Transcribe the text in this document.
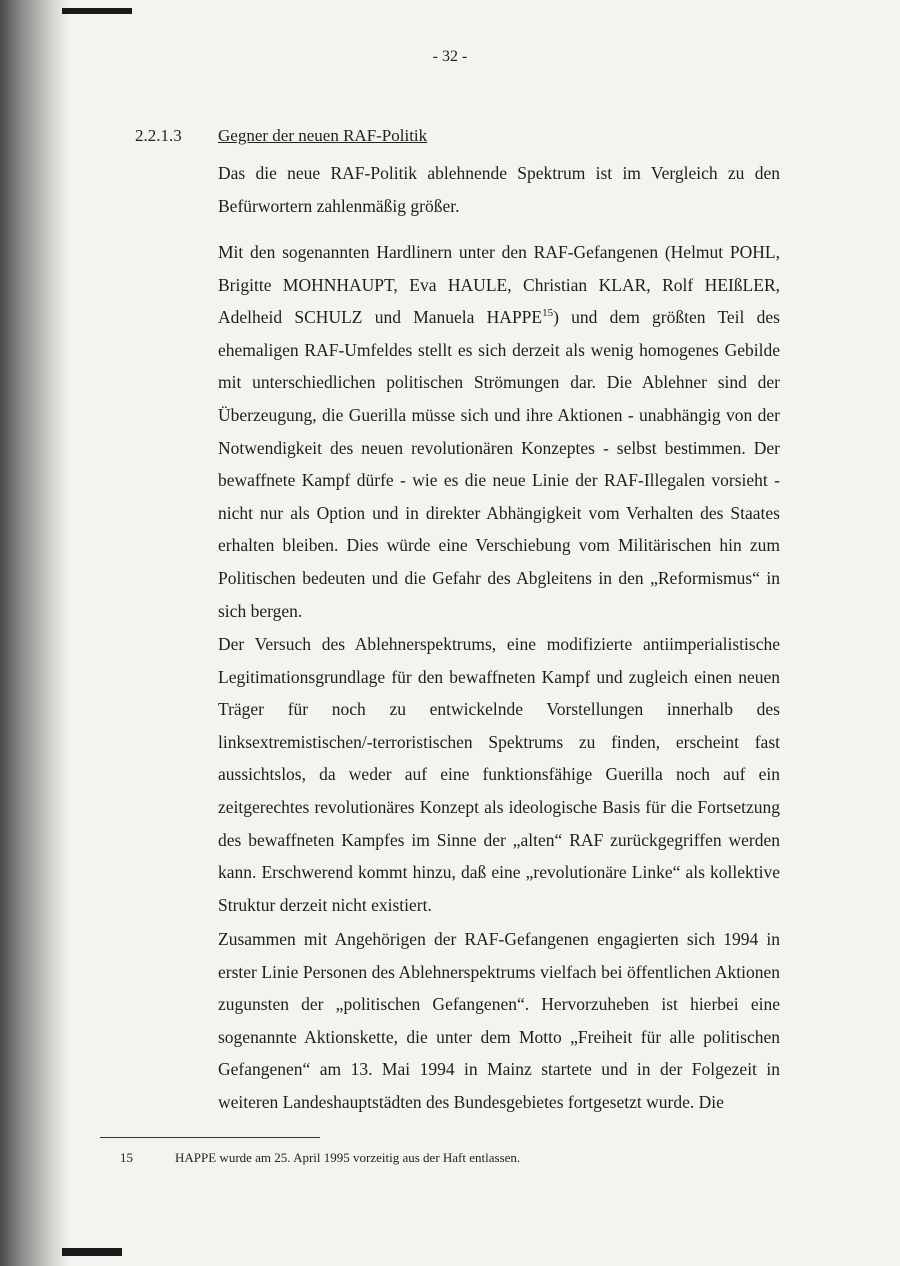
- 32 -
2.2.1.3 Gegner der neuen RAF-Politik
Das die neue RAF-Politik ablehnende Spektrum ist im Vergleich zu den Befürwortern zahlenmäßig größer.
Mit den sogenannten Hardlinern unter den RAF-Gefangenen (Helmut POHL, Brigitte MOHNHAUPT, Eva HAULE, Christian KLAR, Rolf HEIßLER, Adelheid SCHULZ und Manuela HAPPE$^{15}$) und dem größten Teil des ehemaligen RAF-Umfeldes stellt es sich derzeit als wenig homogenes Gebilde mit unterschiedlichen politischen Strömungen dar. Die Ablehner sind der Überzeugung, die Guerilla müsse sich und ihre Aktionen - unabhängig von der Notwendigkeit des neuen revolutionären Konzeptes - selbst bestimmen. Der bewaffnete Kampf dürfe - wie es die neue Linie der RAF-Illegalen vorsieht - nicht nur als Option und in direkter Abhängigkeit vom Verhalten des Staates erhalten bleiben. Dies würde eine Verschiebung vom Militärischen hin zum Politischen bedeuten und die Gefahr des Abgleitens in den „Reformismus“ in sich bergen.
Der Versuch des Ablehnerspektrums, eine modifizierte antiimperialistische Legitimationsgrundlage für den bewaffneten Kampf und zugleich einen neuen Träger für noch zu entwickelnde Vorstellungen innerhalb des linksextremistischen/-terroristischen Spektrums zu finden, erscheint fast aussichtslos, da weder auf eine funktionsfähige Guerilla noch auf ein zeitgerechtes revolutionäres Konzept als ideologische Basis für die Fortsetzung des bewaffneten Kampfes im Sinne der „alten“ RAF zurückgegriffen werden kann. Erschwerend kommt hinzu, daß eine „revolutionäre Linke“ als kollektive Struktur derzeit nicht existiert.
Zusammen mit Angehörigen der RAF-Gefangenen engagierten sich 1994 in erster Linie Personen des Ablehnerspektrums vielfach bei öffentlichen Aktionen zugunsten der „politischen Gefangenen“. Hervorzuheben ist hierbei eine sogenannte Aktionskette, die unter dem Motto „Freiheit für alle politischen Gefangenen“ am 13. Mai 1994 in Mainz startete und in der Folgezeit in weiteren Landeshauptstädten des Bundesgebietes fortgesetzt wurde. Die
15	HAPPE wurde am 25. April 1995 vorzeitig aus der Haft entlassen.
